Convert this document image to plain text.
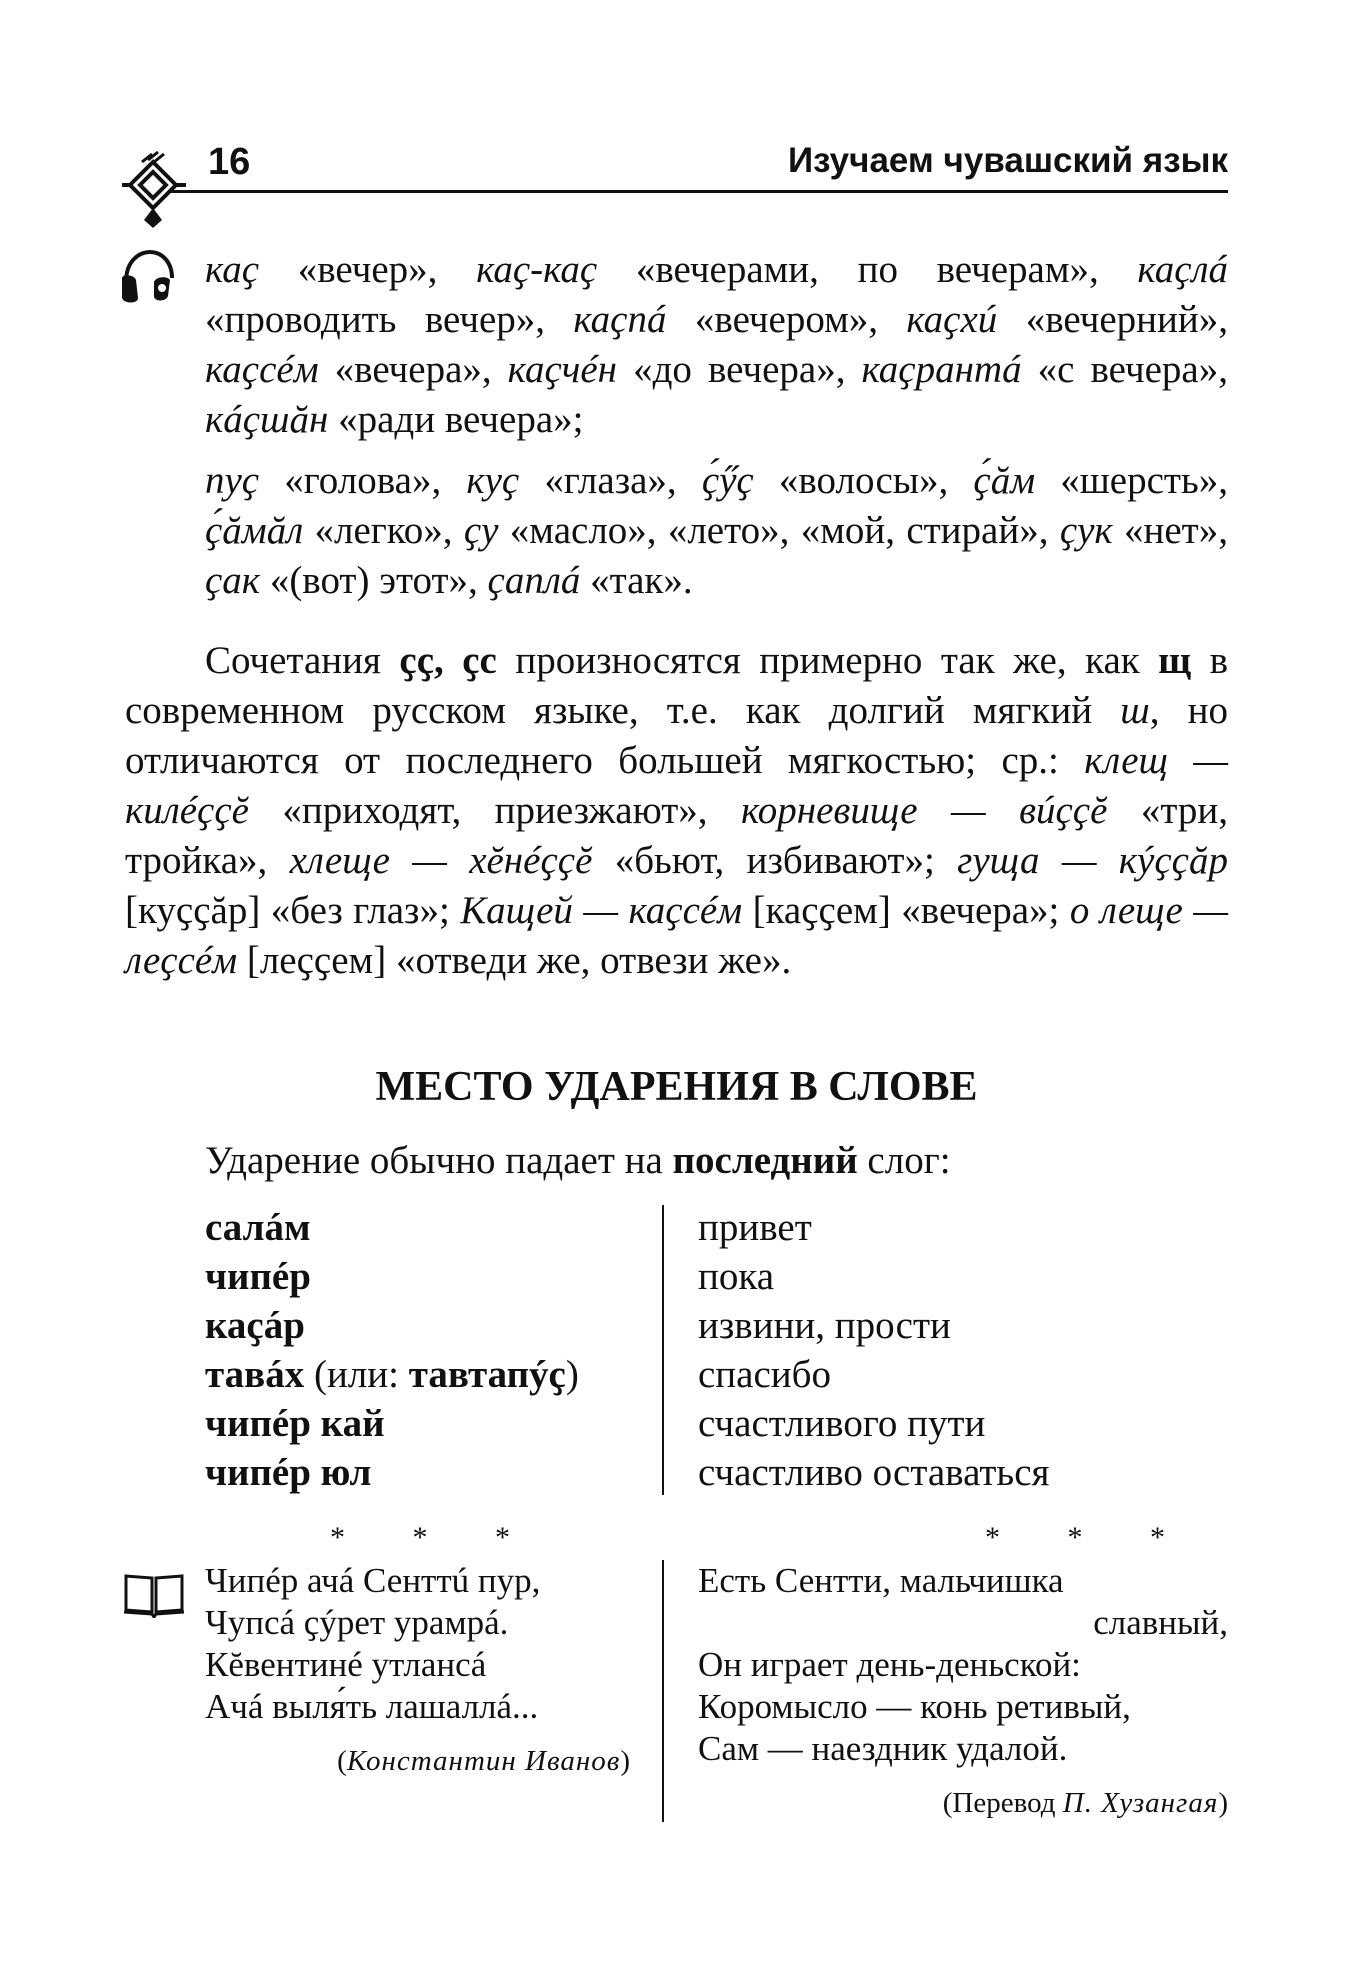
16	Изучаем чувашский язык

каҫ «вечер», каҫ-каҫ «вечерами, по вечерам», каҫлá «проводить вечер», каҫпá «вечером», каҫхú «вечерний», каҫсéм «вечера», каҫчéн «до вечера», каҫрантá «с вечера», кáҫшăн «ради вечера»;

пуҫ «голова», куҫ «глаза», ҫ́ӳҫ «волосы», ҫ́ăм «шерсть», ҫ́ăмăл «легко», ҫу «масло», «лето», «мой, стирай», ҫук «нет», ҫак «(вот) этот», ҫаплá «так».

Сочетания ҫҫ, ҫс произносятся примерно так же, как щ в современном русском языке, т.е. как долгий мягкий ш, но отличаются от последнего большей мягкостью; ср.: клещ — килéҫҫĕ «приходят, приезжают», корневище — вúҫҫĕ «три, тройка», хлеще — хĕнéҫҫĕ «бьют, избивают»; гуща — кýҫҫăр [куҫҫăр] «без глаз»; Кащей — каҫсéм [каҫҫем] «вечера»; о леще — леҫсéм [леҫҫем] «отведи же, отвези же».

МЕСТО УДАРЕНИЯ В СЛОВЕ
Ударение обычно падает на последний слог:
салáм
чипéр
каҫáр
тавáх (или: тавтапýҫ)
чипéр кай
чипéр юл
привет
пока
извини, прости
спасибо
счастливого пути
счастливо оставаться
* * *	* * *
Чипéр ачá Сенттú пур,
Чупсá ҫýрет урамрá.
Кĕвентинé утлансá
Ачá выля́ть лашаллá...
Есть Сентти, мальчишка
славный,
Он играет день-деньской:
Коромысло — конь ретивый,
Сам — наездник удалой.
(Константин Иванов)
(Перевод П. Хузангая)
